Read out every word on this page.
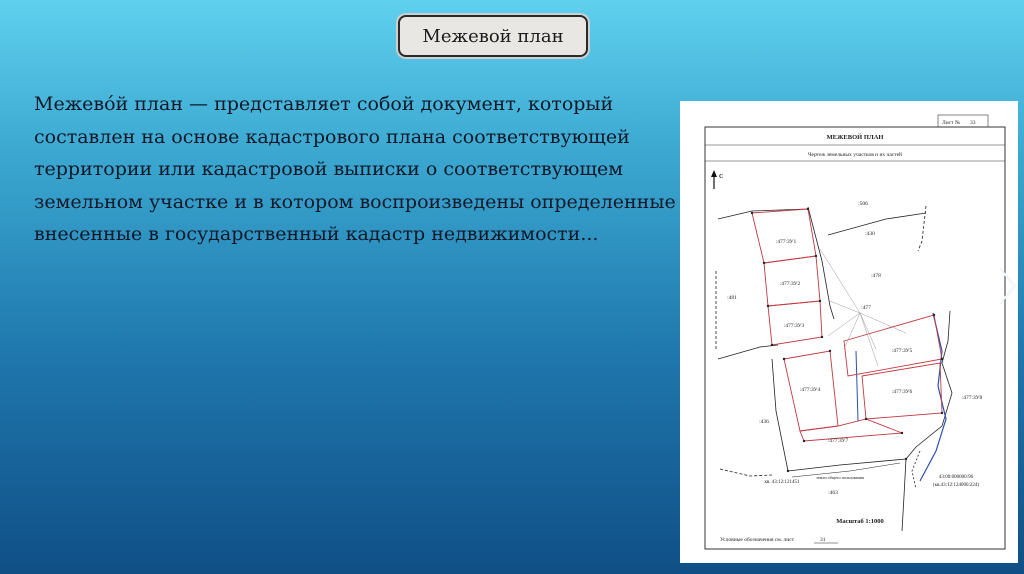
Межевой план

Межевóй план — представляет собой документ, который составлен на основе кадастрового плана соответствующей территории или кадастровой выписки о соответствующем земельном участке и в котором воспроизведены определенные внесенные в государственный кадастр недвижимости...

Лист № 33
МЕЖЕВОЙ ПЛАН
Чертеж земельных участков и их частей
С
:506
:430
:481
:478
:477
:477:ЗУ1
:477:ЗУ2
:477:ЗУ3
:477:ЗУ4
:477:ЗУ5
:477:ЗУ6
:477:ЗУ7
:477:ЗУ8
:436
:463
земли общего пользования
кв. 43:12:121451
43:00:000000:96
(кв.43:12:124000:224)
Масштаб 1:1000
Условные обозначения см. лист	31
